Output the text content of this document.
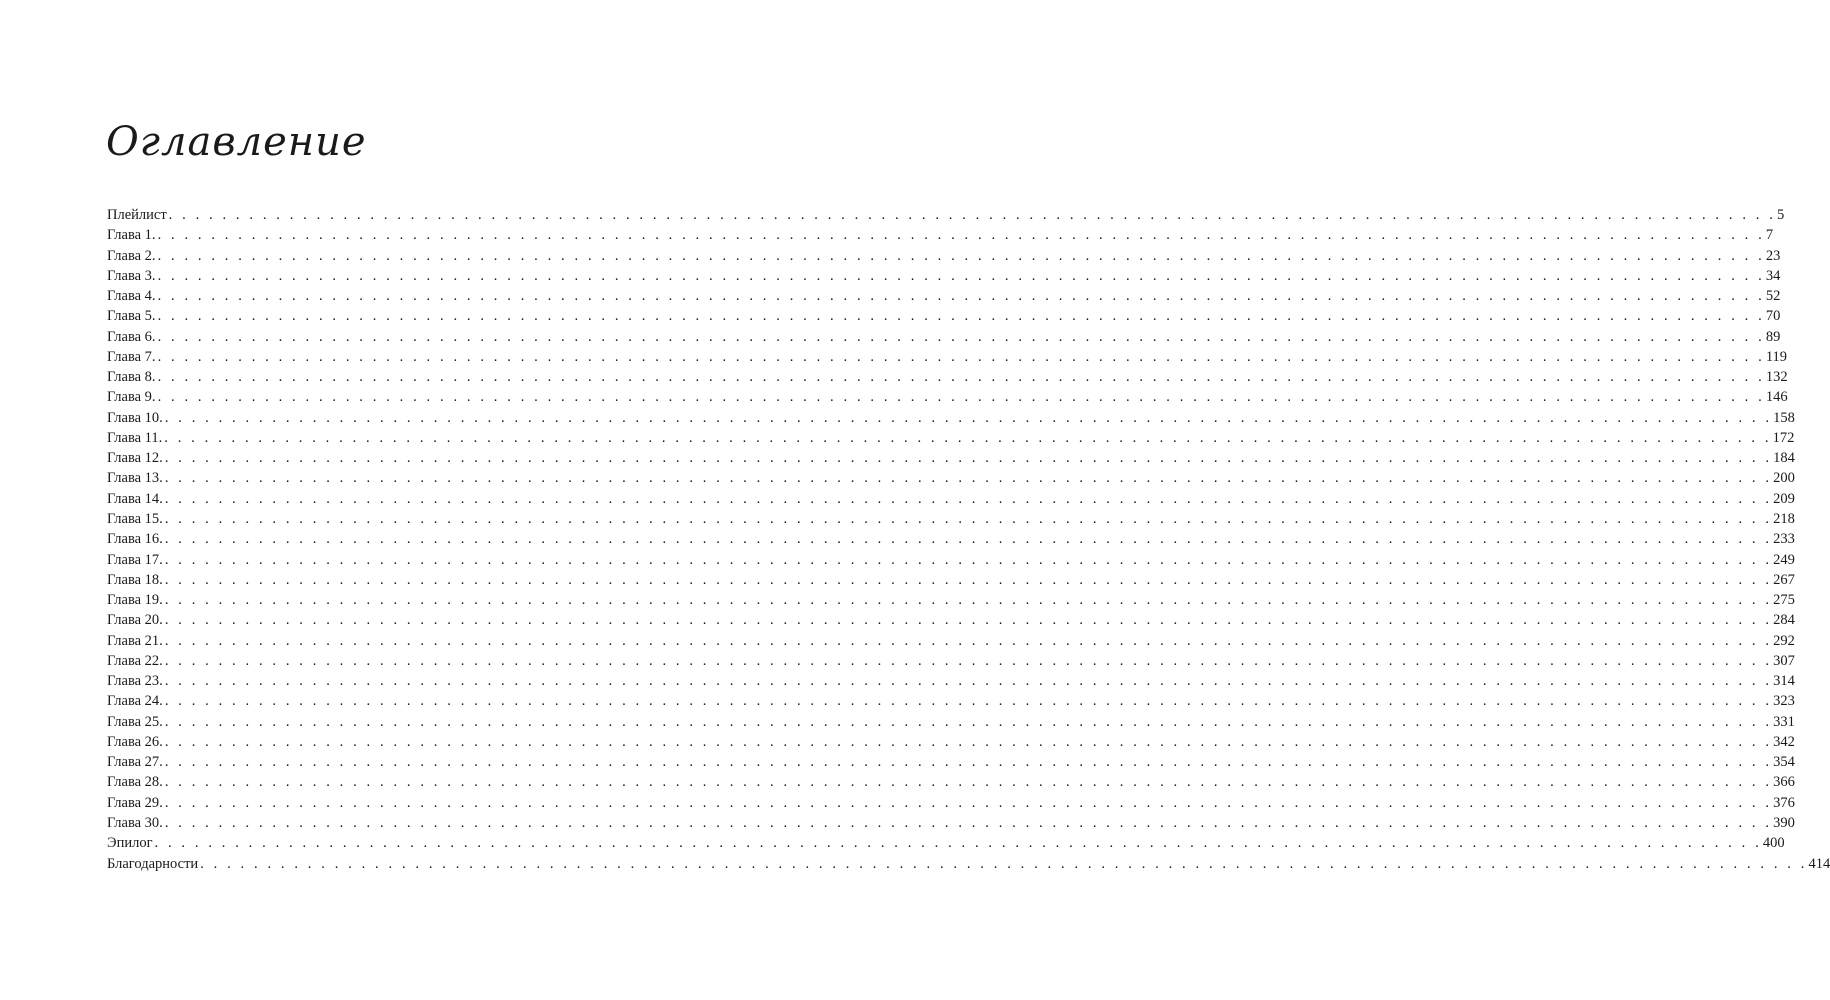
Оглавление
Плейлист . . . . . . . . . . . . . . . . . . . . . . . . . . . . . . . . . . . . . . . . . . . . . . . . . . . . . . . . . . . . . . . . . . . . . . . . . . . . . . . . . . . . . . . . . . . . . . . . . . . . . . . . . . . . . . . . . . . . . . . . 5
Глава 1. . . . . . . . . . . . . . . . . . . . . . . . . . . . . . . . . . . . . . . . . . . . . . . . . . . . . . . . . . . . . . . . . . . . . . . . . . . . . . . . . . . . . . . . . . . . . . . . . . . . . . . . . . . . . . . . . . . . . . . . . 7
Глава 2. . . . . . . . . . . . . . . . . . . . . . . . . . . . . . . . . . . . . . . . . . . . . . . . . . . . . . . . . . . . . . . . . . . . . . . . . . . . . . . . . . . . . . . . . . . . . . . . . . . . . . . . . . . . . . . . . . . . . . . . . 23
Глава 3. . . . . . . . . . . . . . . . . . . . . . . . . . . . . . . . . . . . . . . . . . . . . . . . . . . . . . . . . . . . . . . . . . . . . . . . . . . . . . . . . . . . . . . . . . . . . . . . . . . . . . . . . . . . . . . . . . . . . . . . . 34
Глава 4. . . . . . . . . . . . . . . . . . . . . . . . . . . . . . . . . . . . . . . . . . . . . . . . . . . . . . . . . . . . . . . . . . . . . . . . . . . . . . . . . . . . . . . . . . . . . . . . . . . . . . . . . . . . . . . . . . . . . . . . . 52
Глава 5. . . . . . . . . . . . . . . . . . . . . . . . . . . . . . . . . . . . . . . . . . . . . . . . . . . . . . . . . . . . . . . . . . . . . . . . . . . . . . . . . . . . . . . . . . . . . . . . . . . . . . . . . . . . . . . . . . . . . . . . . 70
Глава 6. . . . . . . . . . . . . . . . . . . . . . . . . . . . . . . . . . . . . . . . . . . . . . . . . . . . . . . . . . . . . . . . . . . . . . . . . . . . . . . . . . . . . . . . . . . . . . . . . . . . . . . . . . . . . . . . . . . . . . . . . 89
Глава 7. . . . . . . . . . . . . . . . . . . . . . . . . . . . . . . . . . . . . . . . . . . . . . . . . . . . . . . . . . . . . . . . . . . . . . . . . . . . . . . . . . . . . . . . . . . . . . . . . . . . . . . . . . . . . . . . . . . . . . . . . 119
Глава 8. . . . . . . . . . . . . . . . . . . . . . . . . . . . . . . . . . . . . . . . . . . . . . . . . . . . . . . . . . . . . . . . . . . . . . . . . . . . . . . . . . . . . . . . . . . . . . . . . . . . . . . . . . . . . . . . . . . . . . . . . 132
Глава 9. . . . . . . . . . . . . . . . . . . . . . . . . . . . . . . . . . . . . . . . . . . . . . . . . . . . . . . . . . . . . . . . . . . . . . . . . . . . . . . . . . . . . . . . . . . . . . . . . . . . . . . . . . . . . . . . . . . . . . . . . 146
Глава 10. . . . . . . . . . . . . . . . . . . . . . . . . . . . . . . . . . . . . . . . . . . . . . . . . . . . . . . . . . . . . . . . . . . . . . . . . . . . . . . . . . . . . . . . . . . . . . . . . . . . . . . . . . . . . . . . . . . . . . . . . 158
Глава 11. . . . . . . . . . . . . . . . . . . . . . . . . . . . . . . . . . . . . . . . . . . . . . . . . . . . . . . . . . . . . . . . . . . . . . . . . . . . . . . . . . . . . . . . . . . . . . . . . . . . . . . . . . . . . . . . . . . . . . . . . 172
Глава 12. . . . . . . . . . . . . . . . . . . . . . . . . . . . . . . . . . . . . . . . . . . . . . . . . . . . . . . . . . . . . . . . . . . . . . . . . . . . . . . . . . . . . . . . . . . . . . . . . . . . . . . . . . . . . . . . . . . . . . . . . 184
Глава 13. . . . . . . . . . . . . . . . . . . . . . . . . . . . . . . . . . . . . . . . . . . . . . . . . . . . . . . . . . . . . . . . . . . . . . . . . . . . . . . . . . . . . . . . . . . . . . . . . . . . . . . . . . . . . . . . . . . . . . . . . 200
Глава 14. . . . . . . . . . . . . . . . . . . . . . . . . . . . . . . . . . . . . . . . . . . . . . . . . . . . . . . . . . . . . . . . . . . . . . . . . . . . . . . . . . . . . . . . . . . . . . . . . . . . . . . . . . . . . . . . . . . . . . . . . 209
Глава 15. . . . . . . . . . . . . . . . . . . . . . . . . . . . . . . . . . . . . . . . . . . . . . . . . . . . . . . . . . . . . . . . . . . . . . . . . . . . . . . . . . . . . . . . . . . . . . . . . . . . . . . . . . . . . . . . . . . . . . . . . 218
Глава 16. . . . . . . . . . . . . . . . . . . . . . . . . . . . . . . . . . . . . . . . . . . . . . . . . . . . . . . . . . . . . . . . . . . . . . . . . . . . . . . . . . . . . . . . . . . . . . . . . . . . . . . . . . . . . . . . . . . . . . . . . 233
Глава 17. . . . . . . . . . . . . . . . . . . . . . . . . . . . . . . . . . . . . . . . . . . . . . . . . . . . . . . . . . . . . . . . . . . . . . . . . . . . . . . . . . . . . . . . . . . . . . . . . . . . . . . . . . . . . . . . . . . . . . . . . 249
Глава 18. . . . . . . . . . . . . . . . . . . . . . . . . . . . . . . . . . . . . . . . . . . . . . . . . . . . . . . . . . . . . . . . . . . . . . . . . . . . . . . . . . . . . . . . . . . . . . . . . . . . . . . . . . . . . . . . . . . . . . . . . 267
Глава 19. . . . . . . . . . . . . . . . . . . . . . . . . . . . . . . . . . . . . . . . . . . . . . . . . . . . . . . . . . . . . . . . . . . . . . . . . . . . . . . . . . . . . . . . . . . . . . . . . . . . . . . . . . . . . . . . . . . . . . . . . 275
Глава 20. . . . . . . . . . . . . . . . . . . . . . . . . . . . . . . . . . . . . . . . . . . . . . . . . . . . . . . . . . . . . . . . . . . . . . . . . . . . . . . . . . . . . . . . . . . . . . . . . . . . . . . . . . . . . . . . . . . . . . . . . 284
Глава 21. . . . . . . . . . . . . . . . . . . . . . . . . . . . . . . . . . . . . . . . . . . . . . . . . . . . . . . . . . . . . . . . . . . . . . . . . . . . . . . . . . . . . . . . . . . . . . . . . . . . . . . . . . . . . . . . . . . . . . . . . 292
Глава 22. . . . . . . . . . . . . . . . . . . . . . . . . . . . . . . . . . . . . . . . . . . . . . . . . . . . . . . . . . . . . . . . . . . . . . . . . . . . . . . . . . . . . . . . . . . . . . . . . . . . . . . . . . . . . . . . . . . . . . . . . 307
Глава 23. . . . . . . . . . . . . . . . . . . . . . . . . . . . . . . . . . . . . . . . . . . . . . . . . . . . . . . . . . . . . . . . . . . . . . . . . . . . . . . . . . . . . . . . . . . . . . . . . . . . . . . . . . . . . . . . . . . . . . . . . 314
Глава 24. . . . . . . . . . . . . . . . . . . . . . . . . . . . . . . . . . . . . . . . . . . . . . . . . . . . . . . . . . . . . . . . . . . . . . . . . . . . . . . . . . . . . . . . . . . . . . . . . . . . . . . . . . . . . . . . . . . . . . . . . 323
Глава 25. . . . . . . . . . . . . . . . . . . . . . . . . . . . . . . . . . . . . . . . . . . . . . . . . . . . . . . . . . . . . . . . . . . . . . . . . . . . . . . . . . . . . . . . . . . . . . . . . . . . . . . . . . . . . . . . . . . . . . . . . 331
Глава 26. . . . . . . . . . . . . . . . . . . . . . . . . . . . . . . . . . . . . . . . . . . . . . . . . . . . . . . . . . . . . . . . . . . . . . . . . . . . . . . . . . . . . . . . . . . . . . . . . . . . . . . . . . . . . . . . . . . . . . . . . 342
Глава 27. . . . . . . . . . . . . . . . . . . . . . . . . . . . . . . . . . . . . . . . . . . . . . . . . . . . . . . . . . . . . . . . . . . . . . . . . . . . . . . . . . . . . . . . . . . . . . . . . . . . . . . . . . . . . . . . . . . . . . . . . 354
Глава 28. . . . . . . . . . . . . . . . . . . . . . . . . . . . . . . . . . . . . . . . . . . . . . . . . . . . . . . . . . . . . . . . . . . . . . . . . . . . . . . . . . . . . . . . . . . . . . . . . . . . . . . . . . . . . . . . . . . . . . . . . 366
Глава 29. . . . . . . . . . . . . . . . . . . . . . . . . . . . . . . . . . . . . . . . . . . . . . . . . . . . . . . . . . . . . . . . . . . . . . . . . . . . . . . . . . . . . . . . . . . . . . . . . . . . . . . . . . . . . . . . . . . . . . . . . 376
Глава 30. . . . . . . . . . . . . . . . . . . . . . . . . . . . . . . . . . . . . . . . . . . . . . . . . . . . . . . . . . . . . . . . . . . . . . . . . . . . . . . . . . . . . . . . . . . . . . . . . . . . . . . . . . . . . . . . . . . . . . . . . 390
Эпилог . . . . . . . . . . . . . . . . . . . . . . . . . . . . . . . . . . . . . . . . . . . . . . . . . . . . . . . . . . . . . . . . . . . . . . . . . . . . . . . . . . . . . . . . . . . . . . . . . . . . . . . . . . . . . . . . . . . . . . . . 400
Благодарности . . . . . . . . . . . . . . . . . . . . . . . . . . . . . . . . . . . . . . . . . . . . . . . . . . . . . . . . . . . . . . . . . . . . . . . . . . . . . . . . . . . . . . . . . . . . . . . . . . . . . . . . . . . . . . . . . . . . . . . . 414
